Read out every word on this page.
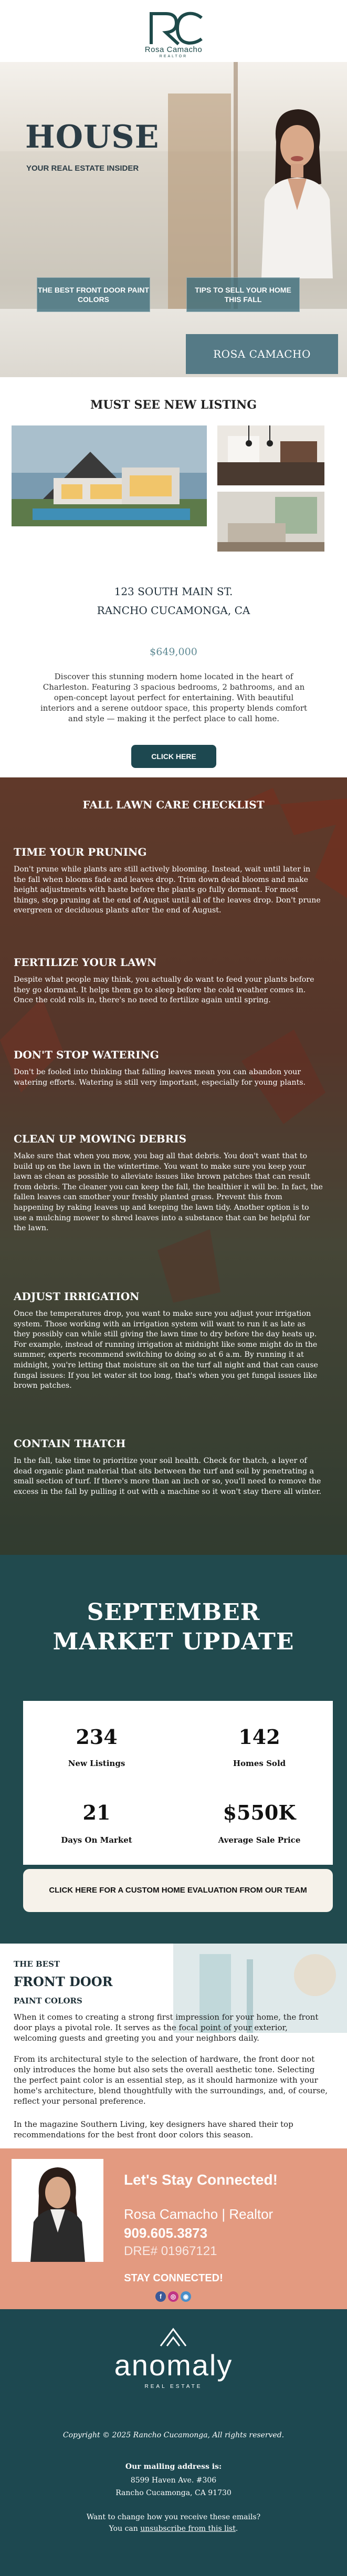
Rosa Camacho
REALTOR
HOUSE
YOUR REAL ESTATE INSIDER
THE BEST FRONT DOOR PAINT COLORS
TIPS TO SELL YOUR HOME THIS FALL
ROSA CAMACHO
MUST SEE NEW LISTING
123 SOUTH MAIN ST.
RANCHO CUCAMONGA, CA
$649,000
Discover this stunning modern home located in the heart of Charleston. Featuring 3 spacious bedrooms, 2 bathrooms, and an open-concept layout perfect for entertaining. With beautiful interiors and a serene outdoor space, this property blends comfort and style — making it the perfect place to call home.
CLICK HERE
FALL LAWN CARE CHECKLIST
TIME YOUR PRUNING
Don't prune while plants are still actively blooming. Instead, wait until later in the fall when blooms fade and leaves drop. Trim down dead blooms and make height adjustments with haste before the plants go fully dormant. For most things, stop pruning at the end of August until all of the leaves drop. Don't prune evergreen or deciduous plants after the end of August.
FERTILIZE YOUR LAWN
Despite what people may think, you actually do want to feed your plants before they go dormant. It helps them go to sleep before the cold weather comes in. Once the cold rolls in, there's no need to fertilize again until spring.
DON'T STOP WATERING
Don't be fooled into thinking that falling leaves mean you can abandon your watering efforts. Watering is still very important, especially for young plants.
CLEAN UP MOWING DEBRIS
Make sure that when you mow, you bag all that debris. You don't want that to build up on the lawn in the wintertime. You want to make sure you keep your lawn as clean as possible to alleviate issues like brown patches that can result from debris. The cleaner you can keep the fall, the healthier it will be. In fact, the fallen leaves can smother your freshly planted grass. Prevent this from happening by raking leaves up and keeping the lawn tidy. Another option is to use a mulching mower to shred leaves into a substance that can be helpful for the lawn.
ADJUST IRRIGATION
Once the temperatures drop, you want to make sure you adjust your irrigation system. Those working with an irrigation system will want to run it as late as they possibly can while still giving the lawn time to dry before the day heats up. For example, instead of running irrigation at midnight like some might do in the summer, experts recommend switching to doing so at 6 a.m. By running it at midnight, you're letting that moisture sit on the turf all night and that can cause fungal issues: If you let water sit too long, that's when you get fungal issues like brown patches.
CONTAIN THATCH
In the fall, take time to prioritize your soil health. Check for thatch, a layer of dead organic plant material that sits between the turf and soil by penetrating a small section of turf. If there's more than an inch or so, you'll need to remove the excess in the fall by pulling it out with a machine so it won't stay there all winter.
SEPTEMBER
MARKET UPDATE
234
New Listings
142
Homes Sold
21
Days On Market
$550K
Average Sale Price
CLICK HERE FOR A CUSTOM HOME EVALUATION FROM OUR TEAM
THE BEST
FRONT DOOR
PAINT COLORS
When it comes to creating a strong first impression for your home, the front door plays a pivotal role. It serves as the focal point of your exterior, welcoming guests and greeting you and your neighbors daily.
From its architectural style to the selection of hardware, the front door not only introduces the home but also sets the overall aesthetic tone. Selecting the perfect paint color is an essential step, as it should harmonize with your home's architecture, blend thoughtfully with the surroundings, and, of course, reflect your personal preference.
In the magazine Southern Living, key designers have shared their top recommendations for the best front door colors this season.
Let's Stay Connected!
Rosa Camacho | Realtor
909.605.3873
DRE# 01967121
STAY CONNECTED!
f	◎	◉
anomaly
REAL ESTATE
Copyright © 2025 Rancho Cucamonga, All rights reserved.
Our mailing address is:
8599 Haven Ave. #306
Rancho Cucamonga, CA 91730
Want to change how you receive these emails?
You can unsubscribe from this list.
